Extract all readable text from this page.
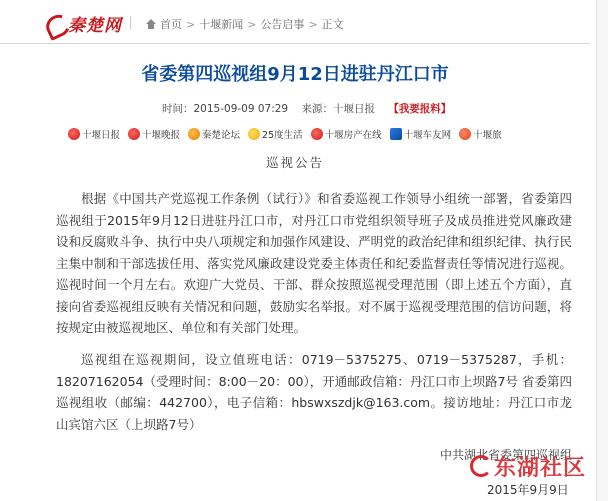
秦楚网	首页 > 十堰新闻 > 公告启事 > 正文
省委第四巡视组9月12日进驻丹江口市
时间：2015-09-09 07:29 来源：十堰日报 【我要报料】
十堰日报 十堰晚报 秦楚论坛 25度生活 十堰房产在线 十堰车友网 十堰旅
巡视公告

根据《中国共产党巡视工作条例（试行）》和省委巡视工作领导小组统一部署，省委第四巡视组于2015年9月12日进驻丹江口市，对丹江口市党组织领导班子及成员推进党风廉政建设和反腐败斗争、执行中央八项规定和加强作风建设、严明党的政治纪律和组织纪律、执行民主集中制和干部选拔任用、落实党风廉政建设党委主体责任和纪委监督责任等情况进行巡视。巡视时间一个月左右。欢迎广大党员、干部、群众按照巡视受理范围（即上述五个方面），直接向省委巡视组反映有关情况和问题，鼓励实名举报。对不属于巡视受理范围的信访问题，将按规定由被巡视地区、单位和有关部门处理。

巡视组在巡视期间，设立值班电话：0719－5375275、0719－5375287，手机：18207162054（受理时间：8:00－20：00），开通邮政信箱：丹江口市上坝路7号 省委第四巡视组收（邮编：442700），电子信箱：hbswxszdjk@163.com。接访地址：丹江口市龙山宾馆六区（上坝路7号）

中共湖北省委第四巡视组
2015年9月9日
东湖社区
